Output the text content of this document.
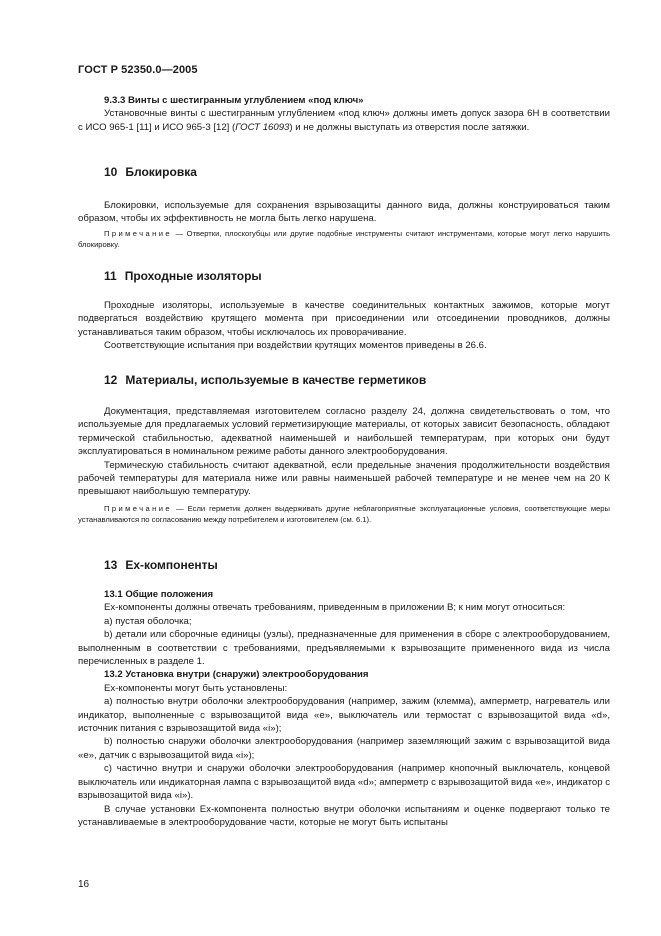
ГОСТ Р 52350.0—2005

9.3.3 Винты с шестигранным углублением «под ключ»

Установочные винты с шестигранным углублением «под ключ» должны иметь допуск зазора 6Н в соответствии с ИСО 965-1 [11] и ИСО 965-3 [12] (ГОСТ 16093) и не должны выступать из отверстия после затяжки.

10 Блокировка

Блокировки, используемые для сохранения взрывозащиты данного вида, должны конструироваться таким образом, чтобы их эффективность не могла быть легко нарушена.

Примечание — Отвертки, плоскогубцы или другие подобные инструменты считают инструментами, которые могут легко нарушить блокировку.

11 Проходные изоляторы

Проходные изоляторы, используемые в качестве соединительных контактных зажимов, которые могут подвергаться воздействию крутящего момента при присоединении или отсоединении проводников, должны устанавливаться таким образом, чтобы исключалось их проворачивание.

Соответствующие испытания при воздействии крутящих моментов приведены в 26.6.

12 Материалы, используемые в качестве герметиков

Документация, представляемая изготовителем согласно разделу 24, должна свидетельствовать о том, что используемые для предлагаемых условий герметизирующие материалы, от которых зависит безопасность, обладают термической стабильностью, адекватной наименьшей и наибольшей температурам, при которых они будут эксплуатироваться в номинальном режиме работы данного электрооборудования.

Термическую стабильность считают адекватной, если предельные значения продолжительности воздействия рабочей температуры для материала ниже или равны наименьшей рабочей температуре и не менее чем на 20 К превышают наибольшую температуру.

Примечание — Если герметик должен выдерживать другие неблагоприятные эксплуатационные условия, соответствующие меры устанавливаются по согласованию между потребителем и изготовителем (см. 6.1).

13 Ex-компоненты

13.1 Общие положения

Ex-компоненты должны отвечать требованиям, приведенным в приложении В; к ним могут относиться:

а) пустая оболочка;

b) детали или сборочные единицы (узлы), предназначенные для применения в сборе с электрооборудованием, выполненным в соответствии с требованиями, предъявляемыми к взрывозащите примененного вида из числа перечисленных в разделе 1.

13.2 Установка внутри (снаружи) электрооборудования

Ex-компоненты могут быть установлены:

а) полностью внутри оболочки электрооборудования (например, зажим (клемма), амперметр, нагреватель или индикатор, выполненные с взрывозащитой вида «е», выключатель или термостат с взрывозащитой вида «d», источник питания с взрывозащитой вида «i»);

b) полностью снаружи оболочки электрооборудования (например заземляющий зажим с взрывозащитой вида «е», датчик с взрывозащитой вида «i»);

с) частично внутри и снаружи оболочки электрооборудования (например кнопочный выключатель, концевой выключатель или индикаторная лампа с взрывозащитой вида «d»; амперметр с взрывозащитой вида «е», индикатор с взрывозащитой вида «i»).

В случае установки Ex-компонента полностью внутри оболочки испытаниям и оценке подвергают только те устанавливаемые в электрооборудование части, которые не могут быть испытаны

16
